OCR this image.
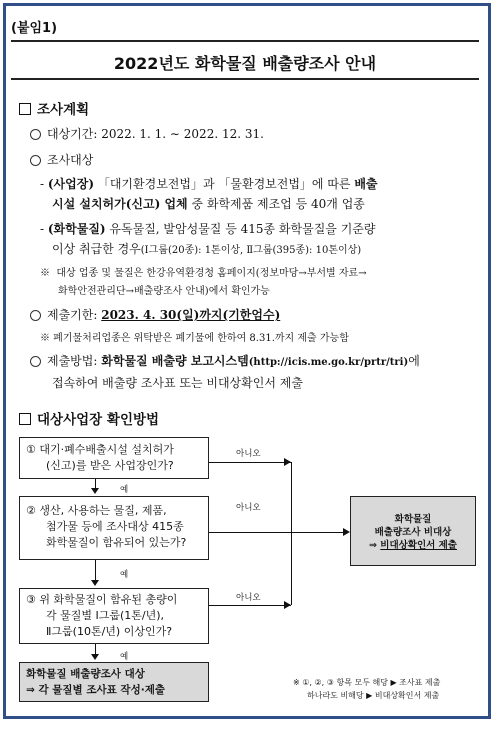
(붙임1)
2022년도 화학물질 배출량조사 안내
조사계획
대상기간: 2022. 1. 1. ∼ 2022. 12. 31.
조사대상
- (사업장) 「대기환경보전법」과 「물환경보전법」에 따른 배출
시설 설치허가(신고) 업체 중 화학제품 제조업 등 40개 업종
- (화학물질) 유독물질, 발암성물질 등 415종 화학물질을 기준량
이상 취급한 경우(Ⅰ그룹(20종): 1톤이상, Ⅱ그룹(395종): 10톤이상)
※ 대상 업종 및 물질은 한강유역환경청 홈페이지(정보마당→부서별 자료→
화학안전관리단→배출량조사 안내)에서 확인가능
제출기한: 2023. 4. 30(일)까지(기한엄수)
※ 폐기물처리업종은 위탁받은 폐기물에 한하여 8.31.까지 제출 가능함
제출방법: 화학물질 배출량 보고시스템(http://icis.me.go.kr/prtr/tri)에
접속하여 배출량 조사표 또는 비대상확인서 제출
대상사업장 확인방법
① 대기·폐수배출시설 설치허가
(신고)를 받은 사업장인가?
② 생산, 사용하는 물질, 제품,
첨가물 등에 조사대상 415종
화학물질이 함유되어 있는가?
③ 위 화학물질이 함유된 총량이
각 물질별 Ⅰ그룹(1톤/년),
Ⅱ그룹(10톤/년) 이상인가?
화학물질 배출량조사 대상
⇒ 각 물질별 조사표 작성·제출
화학물질
배출량조사 비대상
⇒ 비대상확인서 제출
예
예
예
아니오
아니오
아니오
※ ①, ②, ③ 항목 모두 해당 ▶ 조사표 제출
하나라도 비해당 ▶ 비대상확인서 제출
